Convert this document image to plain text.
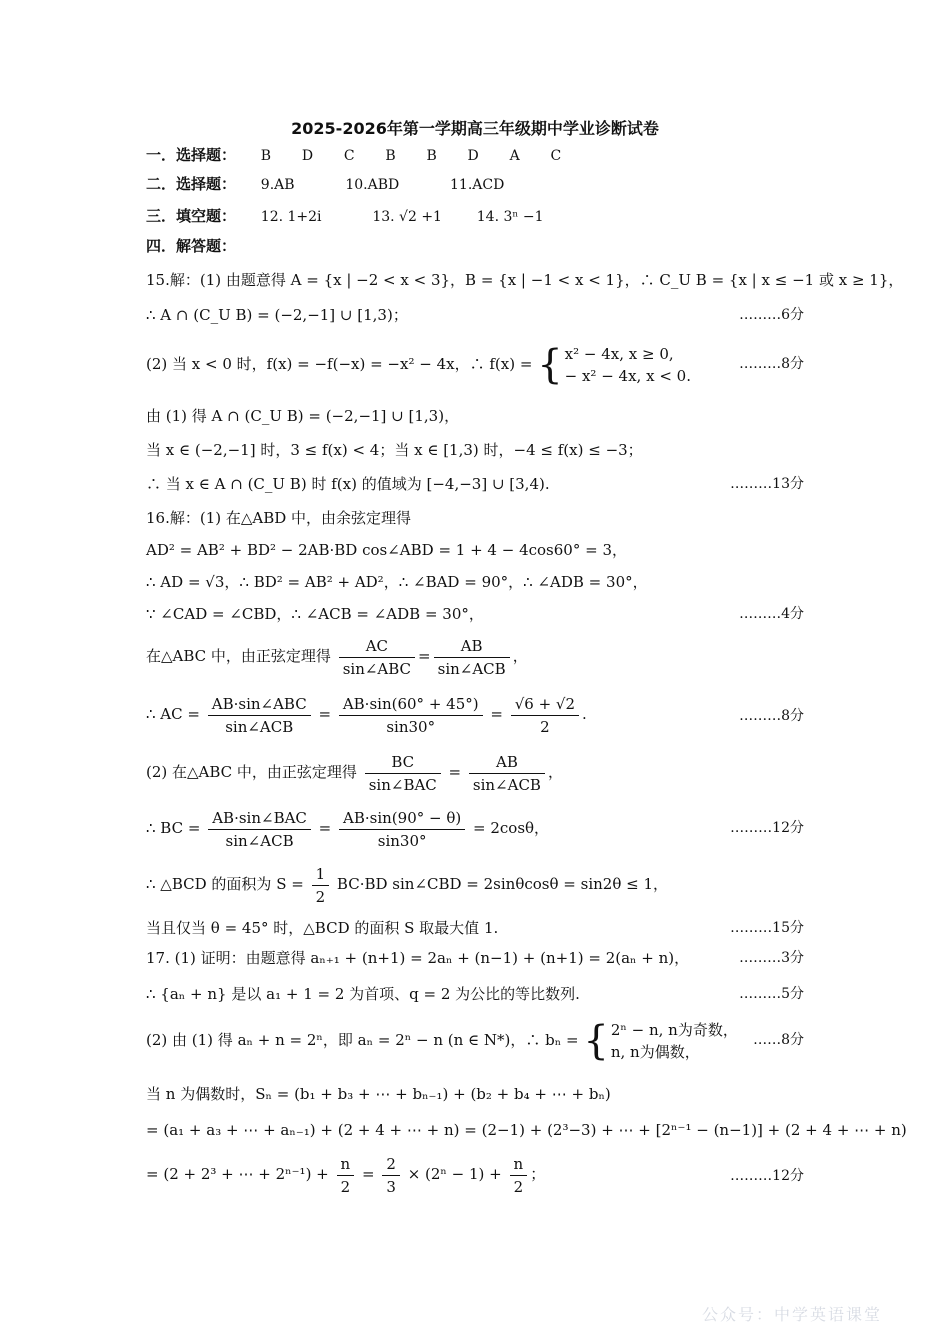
2025-2026年第一学期高三年级期中学业诊断试卷
一．选择题： B D C B B D A C
二．选择题： 9.AB	10.ABD	11.ACD
三．填空题： 12. 1+2i	13. √2 +1 14. 3ⁿ −1
四．解答题：
15.解：(1) 由题意得 A = {x | −2 < x < 3}，B = {x | −1 < x < 1}，∴ C_U B = {x | x ≤ −1 或 x ≥ 1}，
∴ A ∩ (C_U B) = (−2,−1] ∪ [1,3)；	………6分
(2) 当 x < 0 时，f(x) = −f(−x) = −x² − 4x，∴ f(x) = { x² − 4x, x ≥ 0,
− x² − 4x, x < 0.
………8分
由 (1) 得 A ∩ (C_U B) = (−2,−1] ∪ [1,3)，
当 x ∈ (−2,−1] 时，3 ≤ f(x) < 4；当 x ∈ [1,3) 时，−4 ≤ f(x) ≤ −3；
∴ 当 x ∈ A ∩ (C_U B) 时 f(x) 的值域为 [−4,−3] ∪ [3,4).	………13分
16.解：(1) 在△ABD 中，由余弦定理得
AD² = AB² + BD² − 2AB·BD cos∠ABD = 1 + 4 − 4cos60° = 3，
∴ AD = √3，∴ BD² = AB² + AD²，∴ ∠BAD = 90°，∴ ∠ADB = 30°，
∵ ∠CAD = ∠CBD，∴ ∠ACB = ∠ADB = 30°，	………4分
在△ABC 中，由正弦定理得 $\frac{AC}{\text{sin∠ABC}} = \frac{AB}{\text{sin∠ACB}}$ ，
∴ AC = $\frac{\text{AB·sin∠ABC}}{\text{sin∠ACB}} = \frac{AB\cdot\sin(60^\circ + 45^\circ)}{\sin 30^\circ} = \frac{√6 + √2}{2}$ .	………8分
(2) 在△ABC 中，由正弦定理得 $\frac{BC}{\text{sin∠BAC}} = \frac{AB}{\text{sin∠ACB}}$ ，
∴ BC = $\frac{\text{AB·sin∠BAC}}{\text{sin∠ACB}} = \frac{AB\cdot\sin(90^\circ - \theta)}{\sin 30^\circ} = 2\cos\theta$，	………12分
∴ △BCD 的面积为 $S = \frac{1}{2} BC\cdot BD$ sin∠CBD = 2sinθcosθ = sin2θ ≤ 1，
当且仅当 θ = 45° 时，△BCD 的面积 S 取最大值 1.	………15分
17. (1) 证明：由题意得 aₙ₊₁ + (n+1) = 2aₙ + (n−1) + (n+1) = 2(aₙ + n)，	………3分
∴ {aₙ + n} 是以 a₁ + 1 = 2 为首项、q = 2 为公比的等比数列.	………5分
(2) 由 (1) 得 aₙ + n = 2ⁿ，即 aₙ = 2ⁿ − n (n ∈ N*)，∴ bₙ = { 2ⁿ − n, n为奇数，
n, n为偶数，
……8分
当 n 为偶数时，Sₙ = (b₁ + b₃ + ⋯ + bₙ₋₁) + (b₂ + b₄ + ⋯ + bₙ)
= (a₁ + a₃ + ⋯ + aₙ₋₁) + (2 + 4 + ⋯ + n) = (2−1) + (2³−3) + ⋯ + [2ⁿ⁻¹ − (n−1)] + (2 + 4 + ⋯ + n)
= (2 + 2³ + ⋯ + $2^{n-1}) + \frac{n}{2} = \frac{2}{3} \times (2^n - 1) + \frac{n}{2}$ ；	………12分
公众号：中学英语课堂
